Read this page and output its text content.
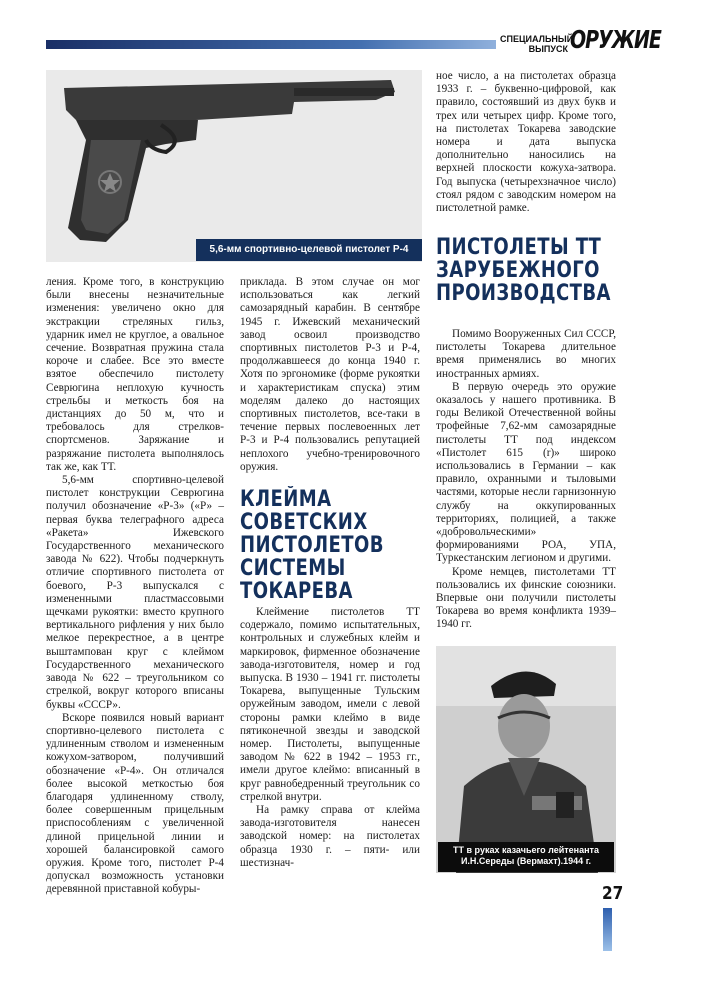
СПЕЦИАЛЬНЫЙ
ВЫПУСК ОРУЖИЕ
5,6-мм спортивно-целевой пистолет Р-4

ления. Кроме того, в конструкцию были внесены незначительные изменения: увеличено окно для экстракции стреляных гильз, ударник имел не круглое, а овальное сечение. Возвратная пружина стала короче и слабее. Все это вместе взятое обеспечило пистолету Севрюгина неплохую кучность стрельбы и меткость боя на дистанциях до 50 м, что и требовалось для стрелков-спортсменов. Заряжание и разряжание пистолета выполнялось так же, как ТТ.

5,6-мм спортивно-целевой пистолет конструкции Севрюгина получил обозначение «Р-3» («Р» – первая буква телеграфного адреса «Ракета» Ижевского Государственного механического завода № 622). Чтобы подчеркнуть отличие спортивного пистолета от боевого, Р-3 выпускался с измененными пластмассовыми щечками рукоятки: вместо крупного вертикального рифления у них было мелкое перекрестное, а в центре выштампован круг с клеймом Государственного механического завода № 622 – треугольником со стрелкой, вокруг которого вписаны буквы «СССР».

Вскоре появился новый вариант спортивно-целевого пистолета с удлиненным стволом и измененным кожухом-затвором, получивший обозначение «Р-4». Он отличался более высокой меткостью боя благодаря удлиненному стволу, более совершенным прицельным приспособлениям с увеличенной длиной прицельной линии и хорошей балансировкой самого оружия. Кроме того, пистолет Р-4 допускал возможность установки деревянной приставной кобуры-

приклада. В этом случае он мог использоваться как легкий самозарядный карабин. В сентябре 1945 г. Ижевский механический завод освоил производство спортивных пистолетов Р-3 и Р-4, продолжавшееся до конца 1940 г. Хотя по эргономике (форме рукоятки и характеристикам спуска) этим моделям далеко до настоящих спортивных пистолетов, все-таки в течение первых послевоенных лет Р-3 и Р-4 пользовались репутацией неплохого учебно-тренировочного оружия.

КЛЕЙМА СОВЕТСКИХ ПИСТОЛЕТОВ СИСТЕМЫ ТОКАРЕВА

Клеймение пистолетов ТТ содержало, помимо испытательных, контрольных и служебных клейм и маркировок, фирменное обозначение завода-изготовителя, номер и год выпуска. В 1930 – 1941 гг. пистолеты Токарева, выпущенные Тульским оружейным заводом, имели с левой стороны рамки клеймо в виде пятиконечной звезды и заводской номер. Пистолеты, выпущенные заводом № 622 в 1942 – 1953 гг., имели другое клеймо: вписанный в круг равнобедренный треугольник со стрелкой внутри.

На рамку справа от клейма завода-изготовителя нанесен заводской номер: на пистолетах образца 1930 г. – пяти- или шестизнач-

ное число, а на пистолетах образца 1933 г. – буквенно-цифровой, как правило, состоявший из двух букв и трех или четырех цифр. Кроме того, на пистолетах Токарева заводские номера и дата выпуска дополнительно наносились на верхней плоскости кожуха-затвора. Год выпуска (четырехзначное число) стоял рядом с заводским номером на пистолетной рамке.

ПИСТОЛЕТЫ ТТ ЗАРУБЕЖНОГО ПРОИЗВОДСТВА

Помимо Вооруженных Сил СССР, пистолеты Токарева длительное время применялись во многих иностранных армиях.

В первую очередь это оружие оказалось у нашего противника. В годы Великой Отечественной войны трофейные 7,62-мм самозарядные пистолеты ТТ под индексом «Пистолет 615 (r)» широко использовались в Германии – как правило, охранными и тыловыми частями, которые несли гарнизонную службу на оккупированных территориях, полицией, а также «добровольческими» формированиями РОА, УПА, Туркестанским легионом и другими.

Кроме немцев, пистолетами ТТ пользовались их финские союзники. Впервые они получили пистолеты Токарева во время конфликта 1939–1940 гг.

ТТ в руках казачьего лейтенанта И.Н.Середы (Вермахт).1944 г.
27
